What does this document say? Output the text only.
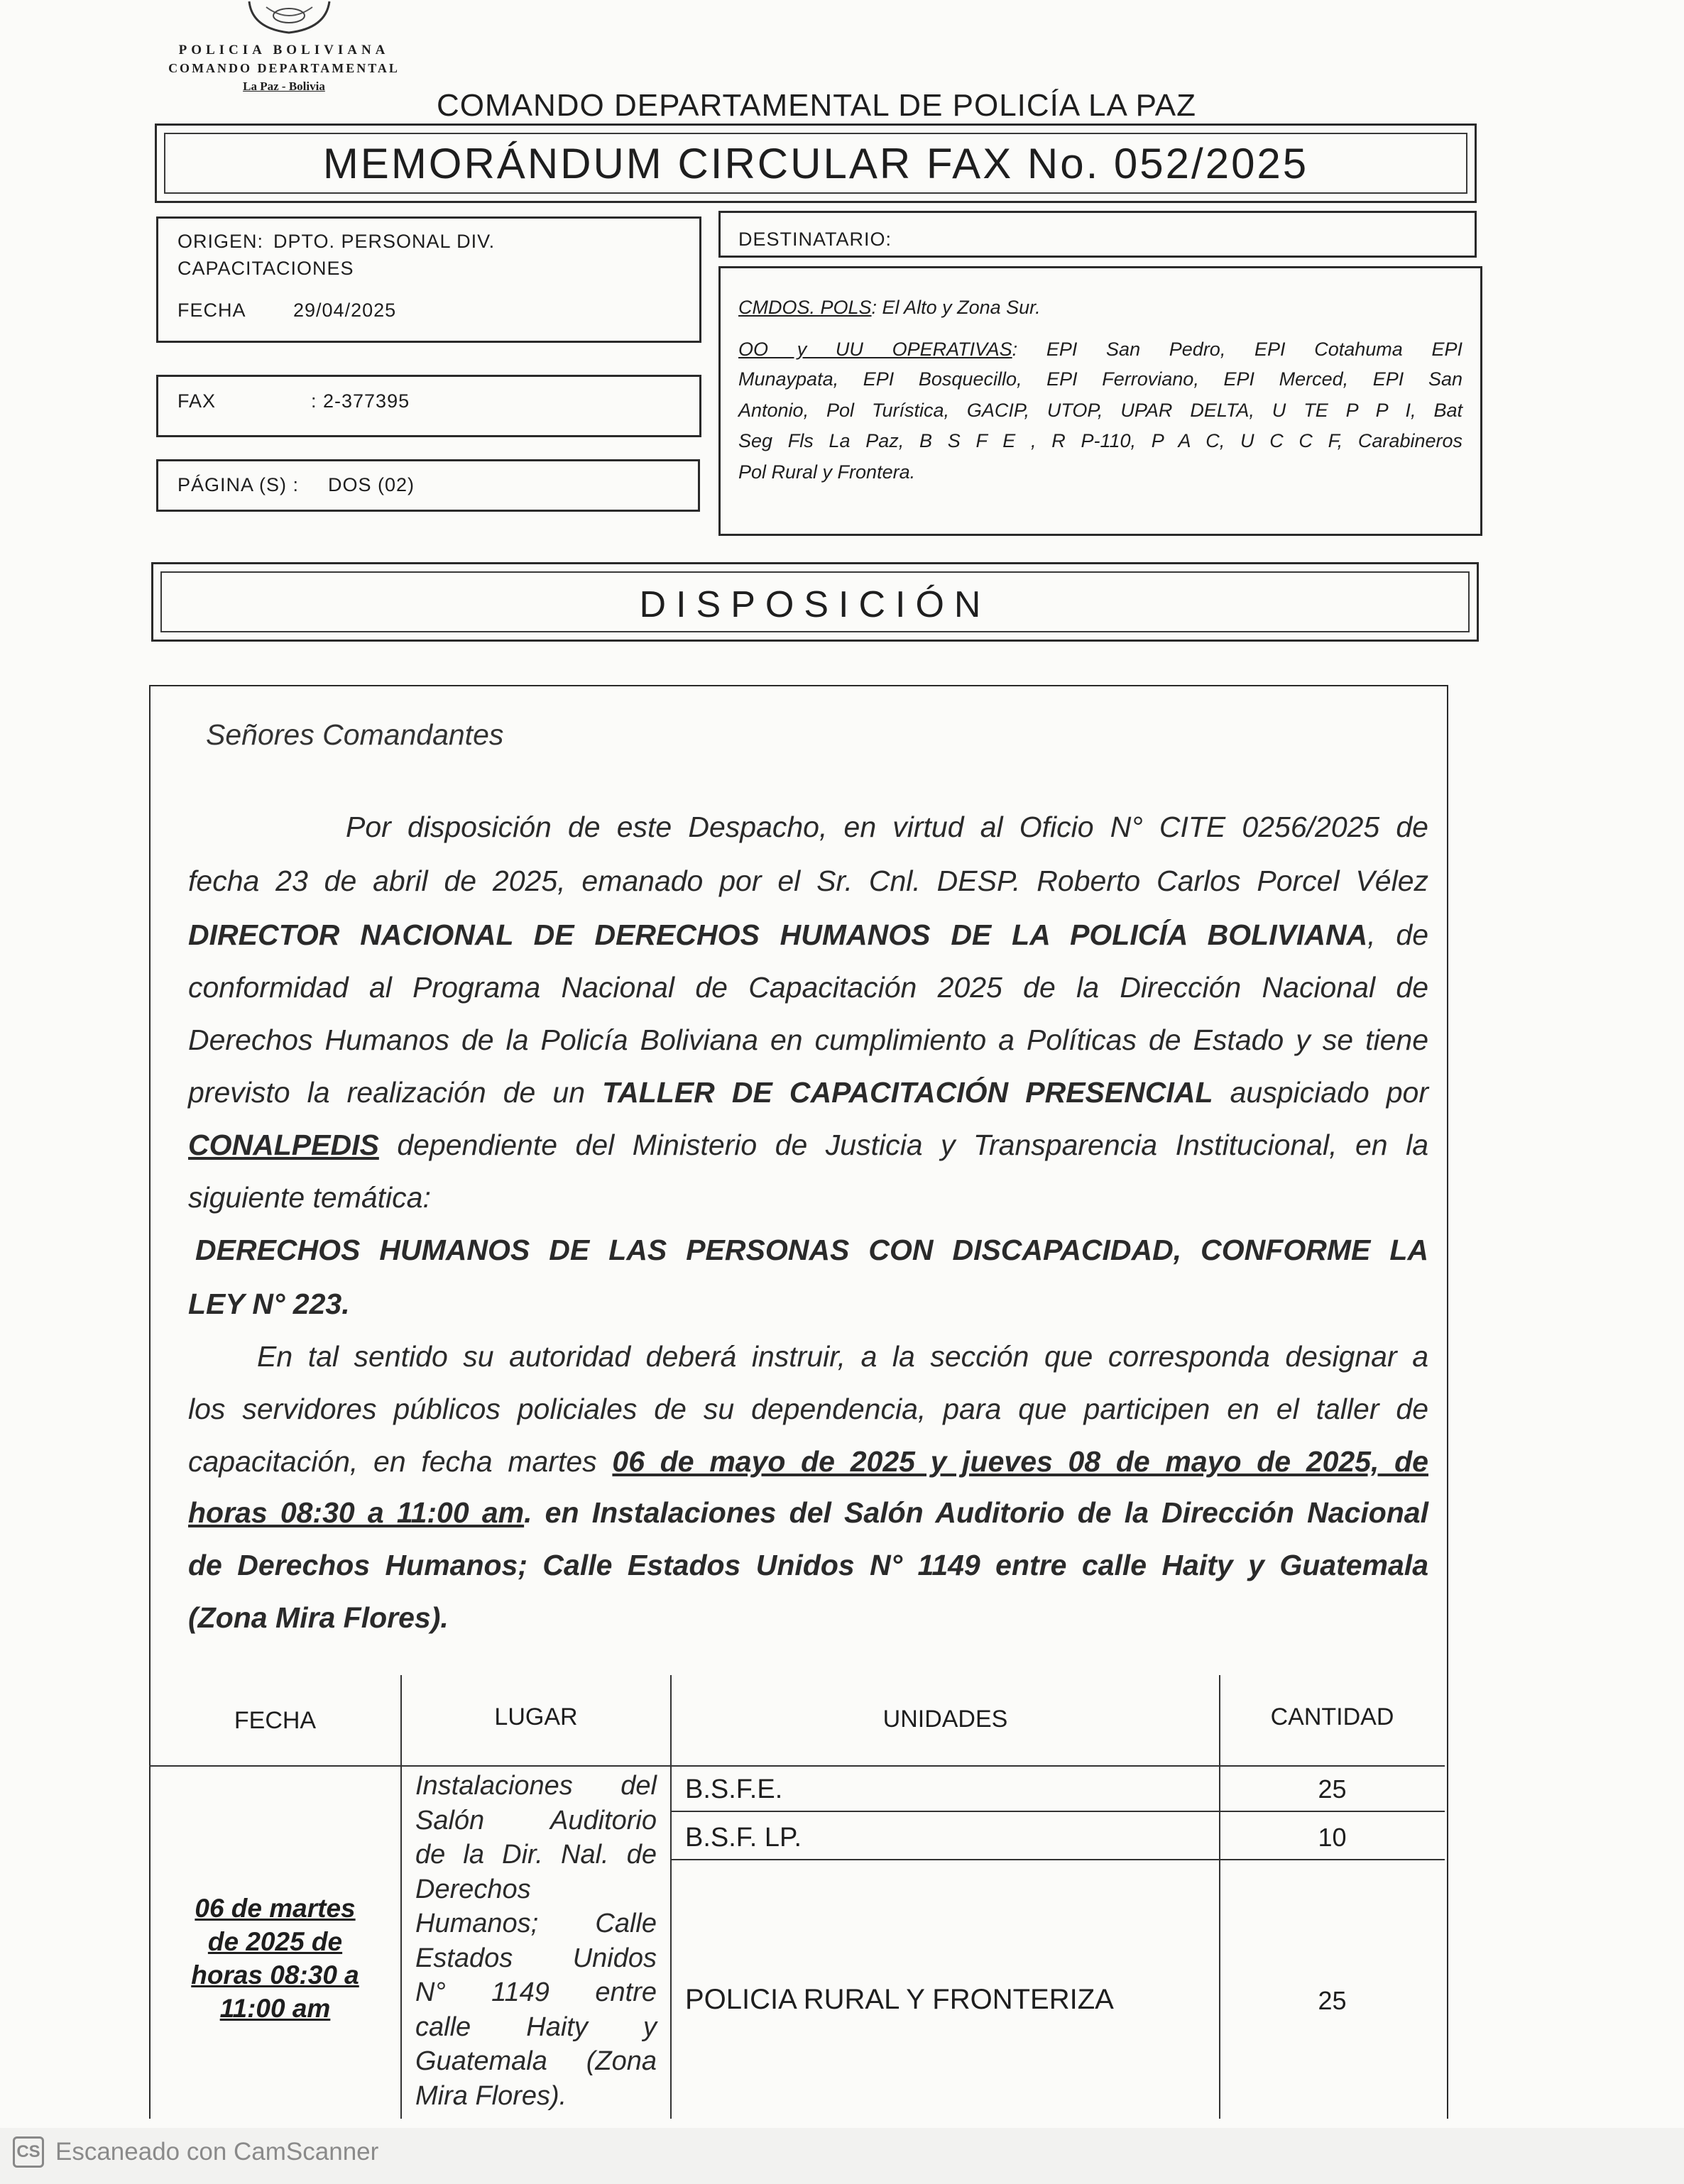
POLICIA BOLIVIANA
COMANDO DEPARTAMENTAL
La Paz - Bolivia
COMANDO DEPARTAMENTAL DE POLICÍA LA PAZ
MEMORÁNDUM CIRCULAR FAX No. 052/2025
ORIGEN: DPTO. PERSONAL DIV.
CAPACITACIONES
FECHA 29/04/2025
FAX	: 2-377395
PÁGINA (S) : DOS (02)
DESTINATARIO:
CMDOS. POLS: El Alto y Zona Sur.
OO y UU OPERATIVAS: EPI San Pedro, EPI Cotahuma EPI
Munaypata, EPI Bosquecillo, EPI Ferroviano, EPI Merced, EPI San
Antonio, Pol Turística, GACIP, UTOP, UPAR DELTA, U TE P P I, Bat
Seg Fls La Paz, B S F E , R P-110, P A C, U C C F, Carabineros
Pol Rural y Frontera.
DISPOSICIÓN
Señores Comandantes
Por disposición de este Despacho, en virtud al Oficio N° CITE 0256/2025 de
fecha 23 de abril de 2025, emanado por el Sr. Cnl. DESP. Roberto Carlos Porcel Vélez
DIRECTOR NACIONAL DE DERECHOS HUMANOS DE LA POLICÍA BOLIVIANA, de
conformidad al Programa Nacional de Capacitación 2025 de la Dirección Nacional de
Derechos Humanos de la Policía Boliviana en cumplimiento a Políticas de Estado y se tiene
previsto la realización de un TALLER DE CAPACITACIÓN PRESENCIAL auspiciado por
CONALPEDIS dependiente del Ministerio de Justicia y Transparencia Institucional, en la
siguiente temática:
DERECHOS HUMANOS DE LAS PERSONAS CON DISCAPACIDAD, CONFORME LA
LEY N° 223.
En tal sentido su autoridad deberá instruir, a la sección que corresponda designar a
los servidores públicos policiales de su dependencia, para que participen en el taller de
capacitación, en fecha martes 06 de mayo de 2025 y jueves 08 de mayo de 2025, de
horas 08:30 a 11:00 am. en Instalaciones del Salón Auditorio de la Dirección Nacional
de Derechos Humanos; Calle Estados Unidos N° 1149 entre calle Haity y Guatemala
(Zona Mira Flores).
FECHA	LUGAR	UNIDADES	CANTIDAD
06 de martes
de 2025 de
horas 08:30 a
11:00 am
Instalaciones del
Salón Auditorio
de la Dir. Nal. de
Derechos
Humanos; Calle
Estados Unidos
N° 1149 entre
calle Haity y
Guatemala (Zona
Mira Flores).
B.S.F.E.	25
B.S.F. LP.	10
POLICIA RURAL Y FRONTERIZA	25
CS Escaneado con CamScanner
